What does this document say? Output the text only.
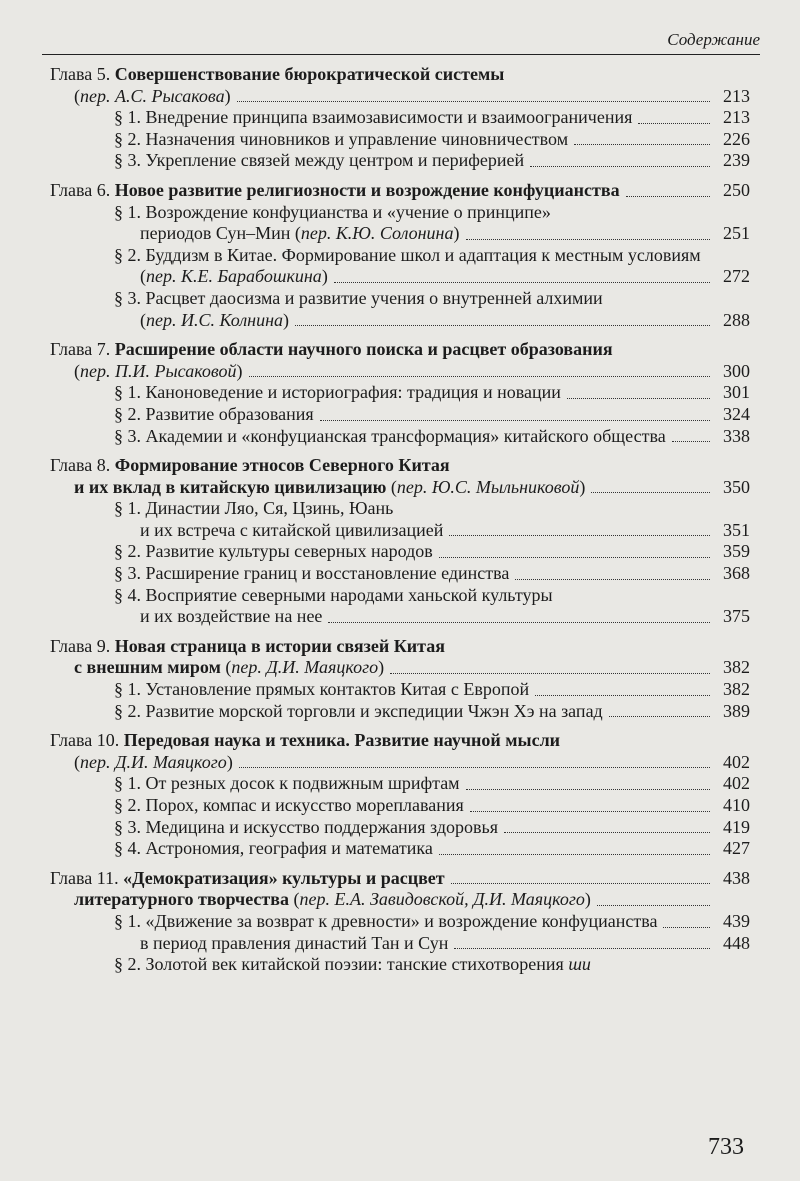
Содержание
Глава 5. Совершенствование бюрократической системы
(пер. А.С. Рысакова)	213
§ 1. Внедрение принципа взаимозависимости и взаимоограничения	213
§ 2. Назначения чиновников и управление чиновничеством	226
§ 3. Укрепление связей между центром и периферией	239
Глава 6. Новое развитие религиозности и возрождение конфуцианства	250
§ 1. Возрождение конфуцианства и «учение о принципе»
периодов Сун–Мин (пер. К.Ю. Солонина)	251
§ 2. Буддизм в Китае. Формирование школ и адаптация к местным условиям
(пер. К.Е. Барабошкина)	272
§ 3. Расцвет даосизма и развитие учения о внутренней алхимии
(пер. И.С. Колнина)	288
Глава 7. Расширение области научного поиска и расцвет образования
(пер. П.И. Рысаковой)	300
§ 1. Каноноведение и историография: традиция и новации	301
§ 2. Развитие образования	324
§ 3. Академии и «конфуцианская трансформация» китайского общества	338
Глава 8. Формирование этносов Северного Китая
и их вклад в китайскую цивилизацию (пер. Ю.С. Мыльниковой)	350
§ 1. Династии Ляо, Ся, Цзинь, Юань
и их встреча с китайской цивилизацией	351
§ 2. Развитие культуры северных народов	359
§ 3. Расширение границ и восстановление единства	368
§ 4. Восприятие северными народами ханьской культуры
и их воздействие на нее	375
Глава 9. Новая страница в истории связей Китая
с внешним миром (пер. Д.И. Маяцкого)	382
§ 1. Установление прямых контактов Китая с Европой	382
§ 2. Развитие морской торговли и экспедиции Чжэн Хэ на запад	389
Глава 10. Передовая наука и техника. Развитие научной мысли
(пер. Д.И. Маяцкого)	402
§ 1. От резных досок к подвижным шрифтам	402
§ 2. Порох, компас и искусство мореплавания	410
§ 3. Медицина и искусство поддержания здоровья	419
§ 4. Астрономия, география и математика	427
Глава 11. «Демократизация» культуры и расцвет	438
литературного творчества (пер. Е.А. Завидовской, Д.И. Маяцкого)
§ 1. «Движение за возврат к древности» и возрождение конфуцианства	439
в период правления династий Тан и Сун	448
§ 2. Золотой век китайской поэзии: танские стихотворения ши
733
